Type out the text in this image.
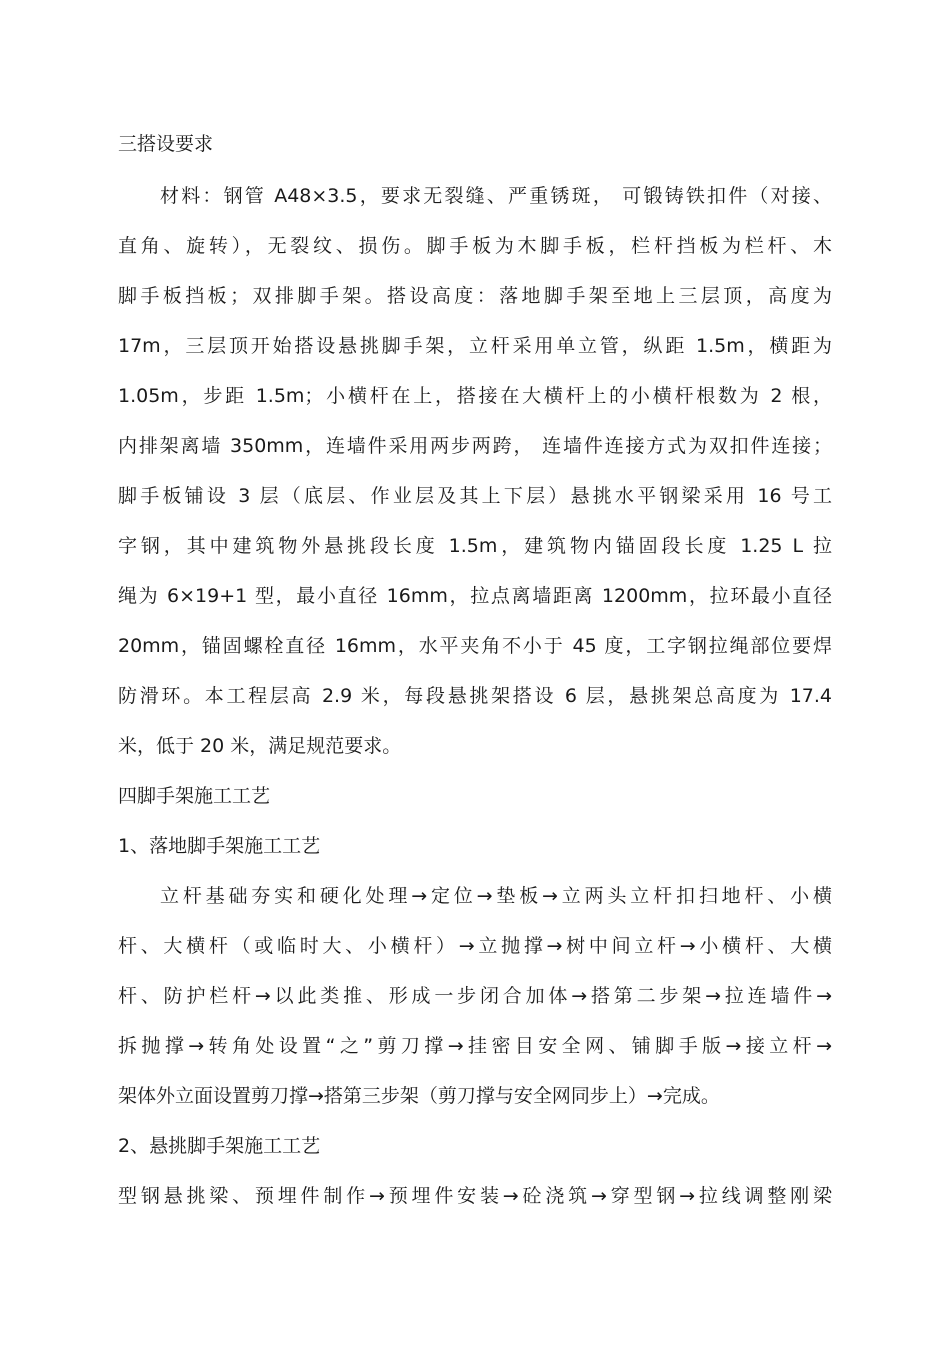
三搭设要求
材料：钢管 A48×3.5，要求无裂缝、严重锈斑， 可锻铸铁扣件（对接、
直角、旋转），无裂纹、损伤。脚手板为木脚手板，栏杆挡板为栏杆、木
脚手板挡板；双排脚手架。搭设高度：落地脚手架至地上三层顶，高度为
17m，三层顶开始搭设悬挑脚手架，立杆采用单立管，纵距 1.5m，横距为
1.05m，步距 1.5m；小横杆在上，搭接在大横杆上的小横杆根数为 2 根，
内排架离墙 350mm，连墙件采用两步两跨， 连墙件连接方式为双扣件连接；
脚手板铺设 3 层（底层、作业层及其上下层）悬挑水平钢梁采用 16 号工
字钢，其中建筑物外悬挑段长度 1.5m，建筑物内锚固段长度 1.25 L 拉
绳为 6×19+1 型，最小直径 16mm，拉点离墙距离 1200mm，拉环最小直径
20mm，锚固螺栓直径 16mm，水平夹角不小于 45 度，工字钢拉绳部位要焊
防滑环。本工程层高 2.9 米，每段悬挑架搭设 6 层，悬挑架总高度为 17.4
米，低于 20 米，满足规范要求。
四脚手架施工工艺
1、落地脚手架施工工艺
立杆基础夯实和硬化处理→定位→垫板→立两头立杆扣扫地杆、小横
杆、大横杆（或临时大、小横杆）→立抛撑→树中间立杆→小横杆、大横
杆、防护栏杆→以此类推、形成一步闭合加体→搭第二步架→拉连墙件→
拆抛撑→转角处设置“之”剪刀撑→挂密目安全网、铺脚手版→接立杆→
架体外立面设置剪刀撑→搭第三步架（剪刀撑与安全网同步上）→完成。
2、悬挑脚手架施工工艺
型钢悬挑梁、预埋件制作→预埋件安装→砼浇筑→穿型钢→拉线调整刚梁
